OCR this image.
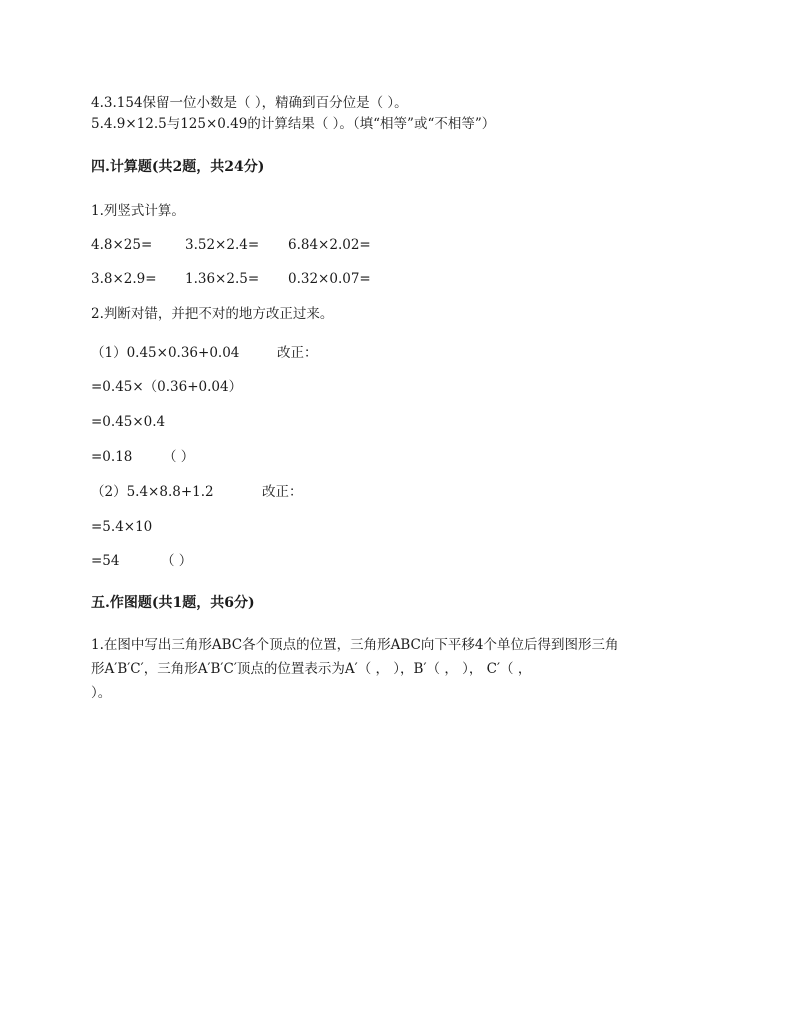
4.3.154保留一位小数是（ ），精确到百分位是（ ）。
5.4.9×12.5与125×0.49的计算结果（ ）。（填“相等”或“不相等”）
四.计算题(共2题，共24分)
1.列竖式计算。
4.8×25= 3.52×2.4= 6.84×2.02=
3.8×2.9= 1.36×2.5= 0.32×0.07=
2.判断对错，并把不对的地方改正过来。
（1）0.45×0.36+0.04	改正：
=0.45×（0.36+0.04）
=0.45×0.4
=0.18 （ ）
（2）5.4×8.8+1.2	改正：
=5.4×10
=54	（ ）
五.作图题(共1题，共6分)
1.在图中写出三角形ABC各个顶点的位置，三角形ABC向下平移4个单位后得到图形三角
形A′B′C′，三角形A′B′C′顶点的位置表示为A′（ ， ），B′（ ， ）， C′（ ，
）。
